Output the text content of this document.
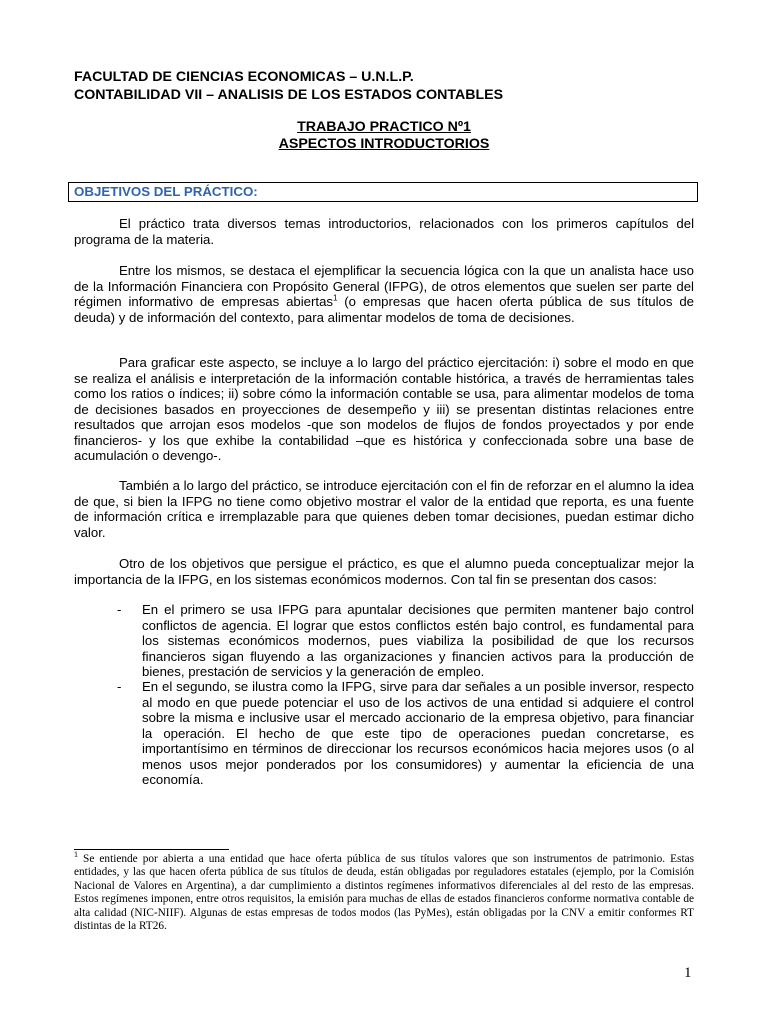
FACULTAD DE CIENCIAS ECONOMICAS – U.N.L.P.
CONTABILIDAD VII – ANALISIS DE LOS ESTADOS CONTABLES
TRABAJO PRACTICO Nº1
ASPECTOS INTRODUCTORIOS
OBJETIVOS DEL PRÁCTICO:
El práctico trata diversos temas introductorios, relacionados con los primeros capítulos del programa de la materia.
Entre los mismos, se destaca el ejemplificar la secuencia lógica con la que un analista hace uso de la Información Financiera con Propósito General (IFPG), de otros elementos que suelen ser parte del régimen informativo de empresas abiertas$^1$ (o empresas que hacen oferta pública de sus títulos de deuda) y de información del contexto, para alimentar modelos de toma de decisiones.
Para graficar este aspecto, se incluye a lo largo del práctico ejercitación: i) sobre el modo en que se realiza el análisis e interpretación de la información contable histórica, a través de herramientas tales como los ratios o índices; ii) sobre cómo la información contable se usa, para alimentar modelos de toma de decisiones basados en proyecciones de desempeño y iii) se presentan distintas relaciones entre resultados que arrojan esos modelos -que son modelos de flujos de fondos proyectados y por ende financieros- y los que exhibe la contabilidad –que es histórica y confeccionada sobre una base de acumulación o devengo-.
También a lo largo del práctico, se introduce ejercitación con el fin de reforzar en el alumno la idea de que, si bien la IFPG no tiene como objetivo mostrar el valor de la entidad que reporta, es una fuente de información crítica e irremplazable para que quienes deben tomar decisiones, puedan estimar dicho valor.
Otro de los objetivos que persigue el práctico, es que el alumno pueda conceptualizar mejor la importancia de la IFPG, en los sistemas económicos modernos. Con tal fin se presentan dos casos:
- En el primero se usa IFPG para apuntalar decisiones que permiten mantener bajo control conflictos de agencia. El lograr que estos conflictos estén bajo control, es fundamental para los sistemas económicos modernos, pues viabiliza la posibilidad de que los recursos financieros sigan fluyendo a las organizaciones y financien activos para la producción de bienes, prestación de servicios y la generación de empleo.
- En el segundo, se ilustra como la IFPG, sirve para dar señales a un posible inversor, respecto al modo en que puede potenciar el uso de los activos de una entidad si adquiere el control sobre la misma e inclusive usar el mercado accionario de la empresa objetivo, para financiar la operación. El hecho de que este tipo de operaciones puedan concretarse, es importantísimo en términos de direccionar los recursos económicos hacia mejores usos (o al menos usos mejor ponderados por los consumidores) y aumentar la eficiencia de una economía.
$^1$ Se entiende por abierta a una entidad que hace oferta pública de sus títulos valores que son instrumentos de patrimonio. Estas entidades, y las que hacen oferta pública de sus títulos de deuda, están obligadas por reguladores estatales (ejemplo, por la Comisión Nacional de Valores en Argentina), a dar cumplimiento a distintos regímenes informativos diferenciales al del resto de las empresas. Estos regímenes imponen, entre otros requisitos, la emisión para muchas de ellas de estados financieros conforme normativa contable de alta calidad (NIC-NIIF). Algunas de estas empresas de todos modos (las PyMes), están obligadas por la CNV a emitir conformes RT distintas de la RT26.
1
